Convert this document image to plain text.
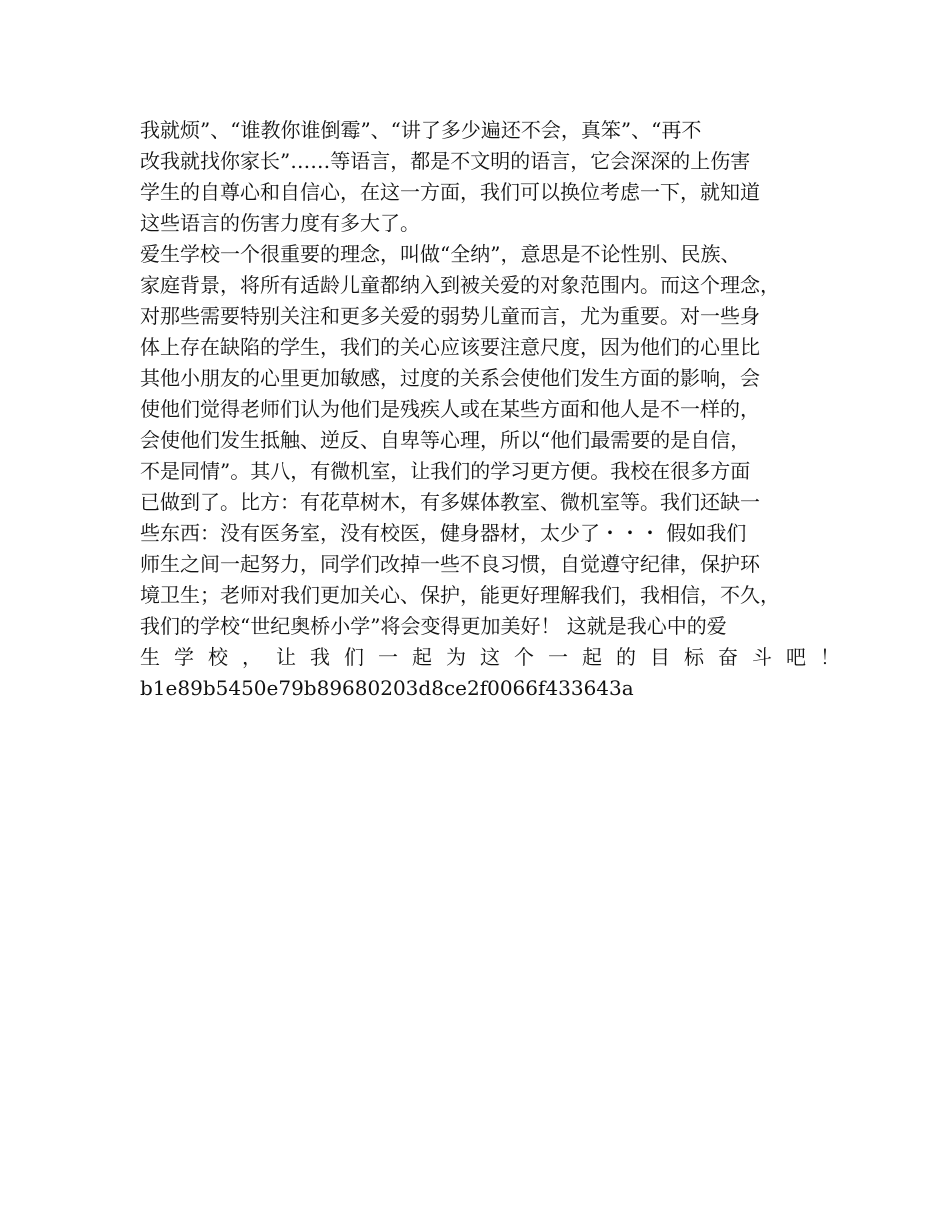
我就烦”、“谁教你谁倒霉”、“讲了多少遍还不会，真笨”、“再不
改我就找你家长”……等语言，都是不文明的语言，它会深深的上伤害
学生的自尊心和自信心，在这一方面，我们可以换位考虑一下，就知道
这些语言的伤害力度有多大了。
爱生学校一个很重要的理念，叫做“全纳”，意思是不论性别、民族、
家庭背景，将所有适龄儿童都纳入到被关爱的对象范围内。而这个理念，
对那些需要特别关注和更多关爱的弱势儿童而言，尤为重要。对一些身
体上存在缺陷的学生，我们的关心应该要注意尺度，因为他们的心里比
其他小朋友的心里更加敏感，过度的关系会使他们发生方面的影响，会
使他们觉得老师们认为他们是残疾人或在某些方面和他人是不一样的，
会使他们发生抵触、逆反、自卑等心理，所以“他们最需要的是自信，
不是同情”。其八，有微机室，让我们的学习更方便。我校在很多方面
已做到了。比方：有花草树木，有多媒体教室、微机室等。我们还缺一
些东西：没有医务室，没有校医，健身器材，太少了・・・ 假如我们
师生之间一起努力，同学们改掉一些不良习惯，自觉遵守纪律，保护环
境卫生；老师对我们更加关心、保护，能更好理解我们，我相信，不久，
我们的学校“世纪奥桥小学”将会变得更加美好！ 这就是我心中的爱
生学校，让我们一起为这个一起的目标奋斗吧！
b1e89b5450e79b89680203d8ce2f0066f433643a
